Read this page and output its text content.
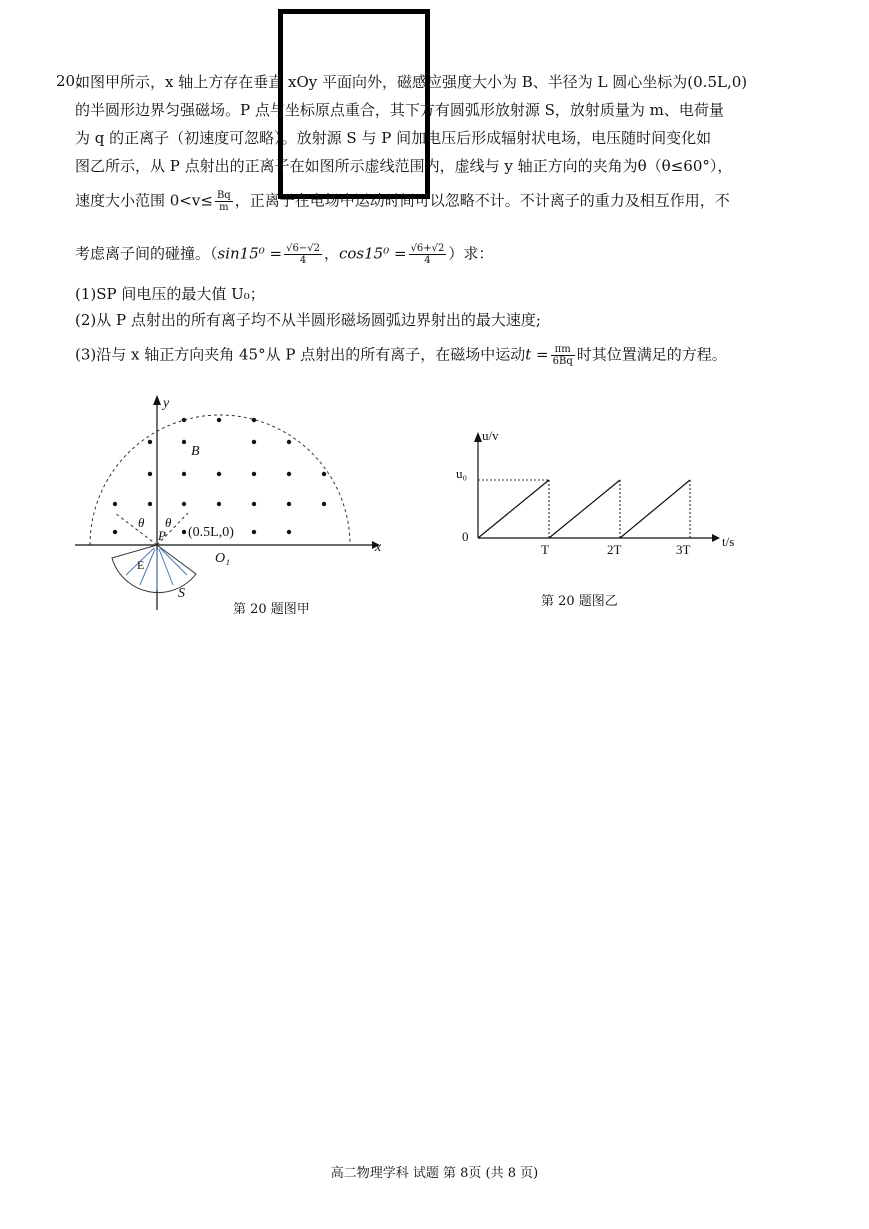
20.
如图甲所示，x 轴上方存在垂直 xOy 平面向外，磁感应强度大小为 B、半径为 L 圆心坐标为(0.5L,0)
的半圆形边界匀强磁场。P 点与坐标原点重合，其下方有圆弧形放射源 S，放射质量为 m、电荷量
为 q 的正离子（初速度可忽略）。放射源 S 与 P 间加电压后形成辐射状电场，电压随时间变化如
图乙所示，从 P 点射出的正离子在如图所示虚线范围内，虚线与 y 轴正方向的夹角为θ（θ≤60°），
速度大小范围 $0<v\le \frac{Bq}{m}$ ，正离子在电场中运动时间可以忽略不计。不计离子的重力及相互作用，不
考虑离子间的碰撞。（$\sin 15^0 = \frac{√6-√2}{4}$ ，$\cos 15^0 = \frac{√6+√2}{4}$ ）求：
(1)SP 间电压的最大值 U₀；
(2)从 P 点射出的所有离子均不从半圆形磁场圆弧边界射出的最大速度;
(3)沿与 x 轴正方向夹角 45°从 P 点射出的所有离子，在磁场中运动$t = \frac{\pi m}{6Bq}$ 时其位置满足的方程。
y
x
B
θ θ
P (0.5L,0)
O₁
E
S
第 20 题图甲
u/v
t/s
u₀
0
T	2T	3T
第 20 题图乙
高二物理学科 试题 第 8页 (共 8 页)
